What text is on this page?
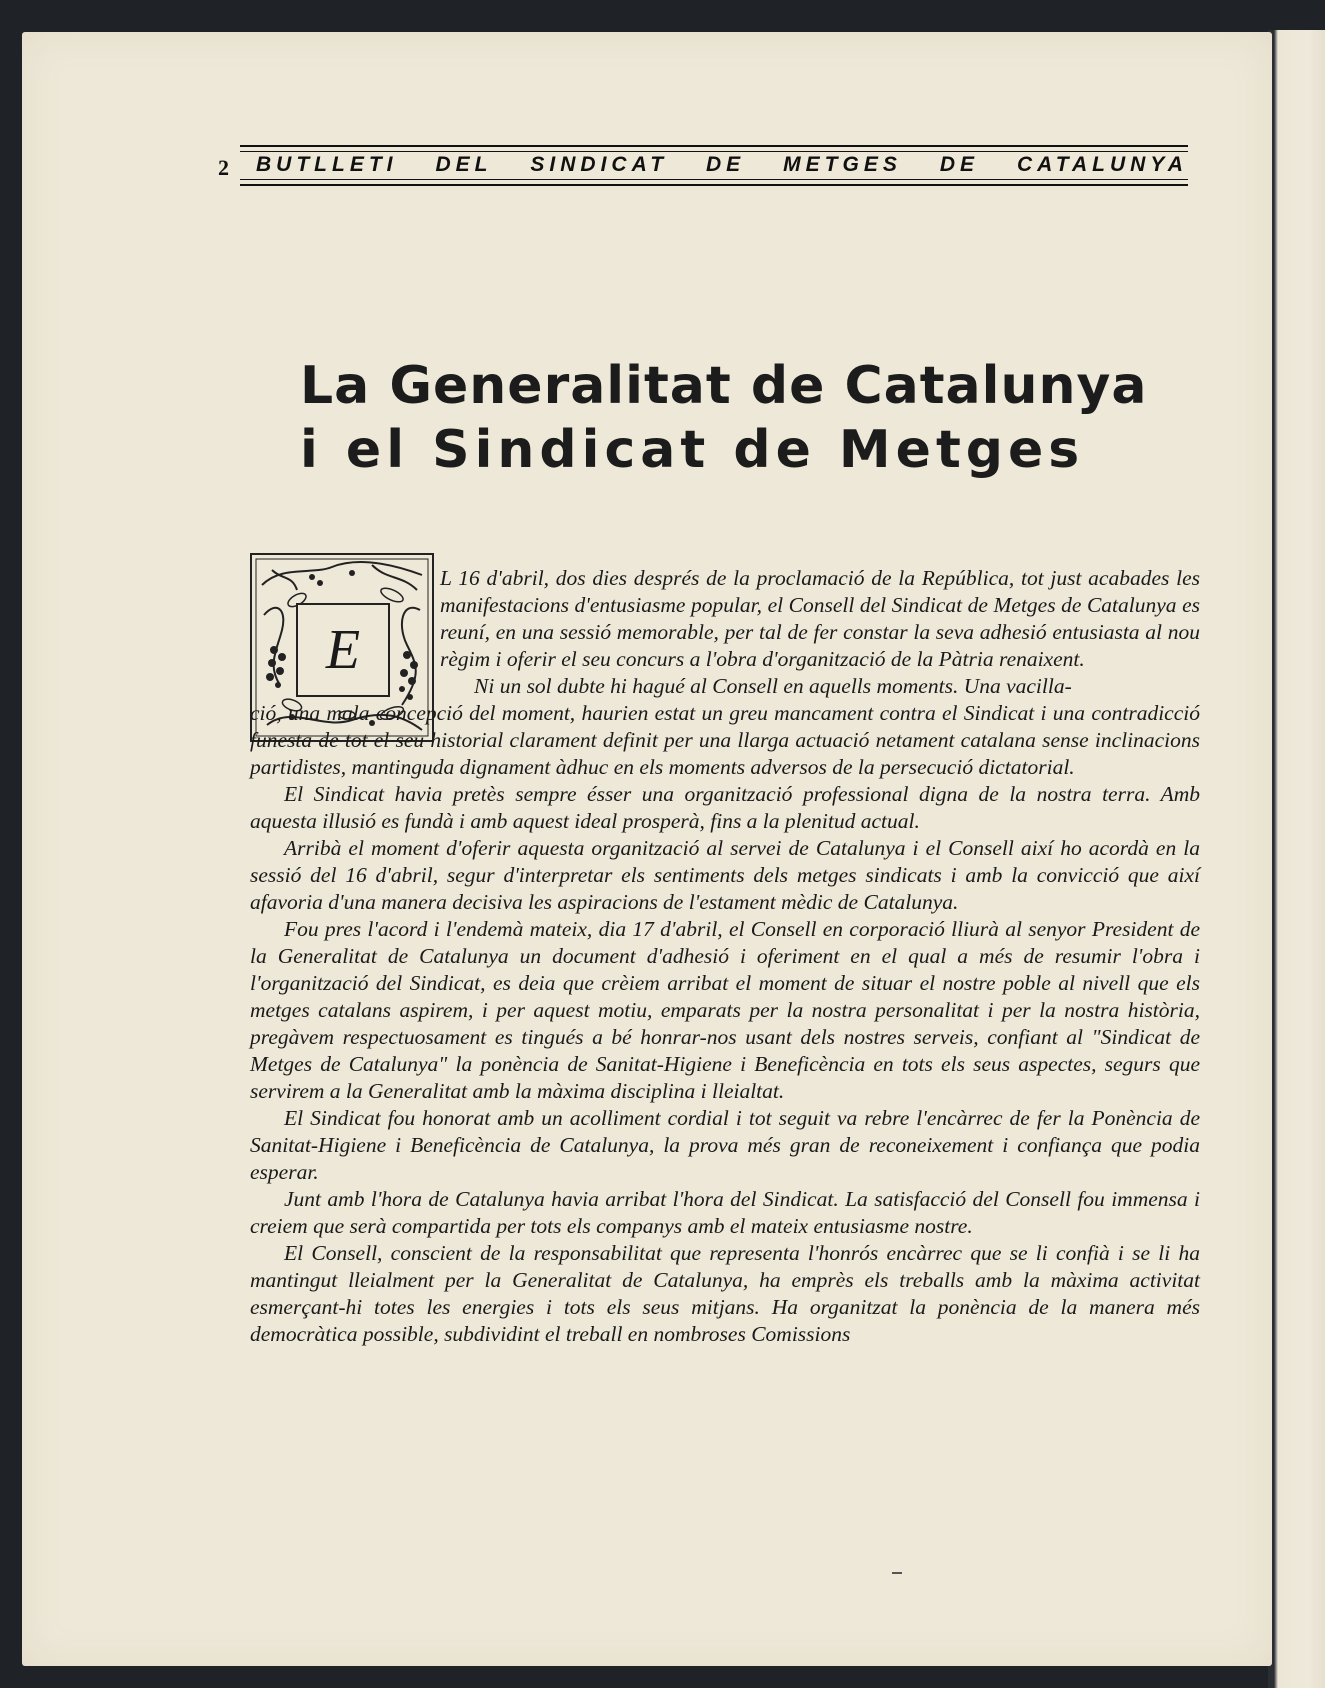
2 BUTLLETI DEL SINDICAT DE METGES DE CATALUNYA
La Generalitat de Catalunya
i el Sindicat de Metges
E

L 16 d'abril, dos dies després de la proclamació de la República, tot just acabades les manifestacions d'entusiasme popular, el Consell del Sindicat de Metges de Catalunya es reuní, en una sessió memorable, per tal de fer constar la seva adhesió entusiasta al nou règim i oferir el seu concurs a l'obra d'organització de la Pàtria renaixent.

Ni un sol dubte hi hagué al Consell en aquells moments. Una vacilla-

ció, una mala concepció del moment, haurien estat un greu mancament contra el Sindicat i una contradicció funesta de tot el seu historial clarament definit per una llarga actuació netament catalana sense inclinacions partidistes, mantinguda dignament àdhuc en els moments adversos de la persecució dictatorial.

El Sindicat havia pretès sempre ésser una organització professional digna de la nostra terra. Amb aquesta illusió es fundà i amb aquest ideal prosperà, fins a la plenitud actual.

Arribà el moment d'oferir aquesta organització al servei de Catalunya i el Consell així ho acordà en la sessió del 16 d'abril, segur d'interpretar els sentiments dels metges sindicats i amb la convicció que així afavoria d'una manera decisiva les aspiracions de l'estament mèdic de Catalunya.

Fou pres l'acord i l'endemà mateix, dia 17 d'abril, el Consell en corporació lliurà al senyor President de la Generalitat de Catalunya un document d'adhesió i oferiment en el qual a més de resumir l'obra i l'organització del Sindicat, es deia que crèiem arribat el moment de situar el nostre poble al nivell que els metges catalans aspirem, i per aquest motiu, emparats per la nostra personalitat i per la nostra història, pregàvem respectuosament es tingués a bé honrar-nos usant dels nostres serveis, confiant al "Sindicat de Metges de Catalunya" la ponència de Sanitat-Higiene i Beneficència en tots els seus aspectes, segurs que servirem a la Generalitat amb la màxima disciplina i lleialtat.

El Sindicat fou honorat amb un acolliment cordial i tot seguit va rebre l'encàrrec de fer la Ponència de Sanitat-Higiene i Beneficència de Catalunya, la prova més gran de reconeixement i confiança que podia esperar.

Junt amb l'hora de Catalunya havia arribat l'hora del Sindicat. La satisfacció del Consell fou immensa i creiem que serà compartida per tots els companys amb el mateix entusiasme nostre.

El Consell, conscient de la responsabilitat que representa l'honrós encàrrec que se li confià i se li ha mantingut lleialment per la Generalitat de Catalunya, ha emprès els treballs amb la màxima activitat esmerçant-hi totes les energies i tots els seus mitjans. Ha organitzat la ponència de la manera més democràtica possible, subdividint el treball en nombroses Comissions
